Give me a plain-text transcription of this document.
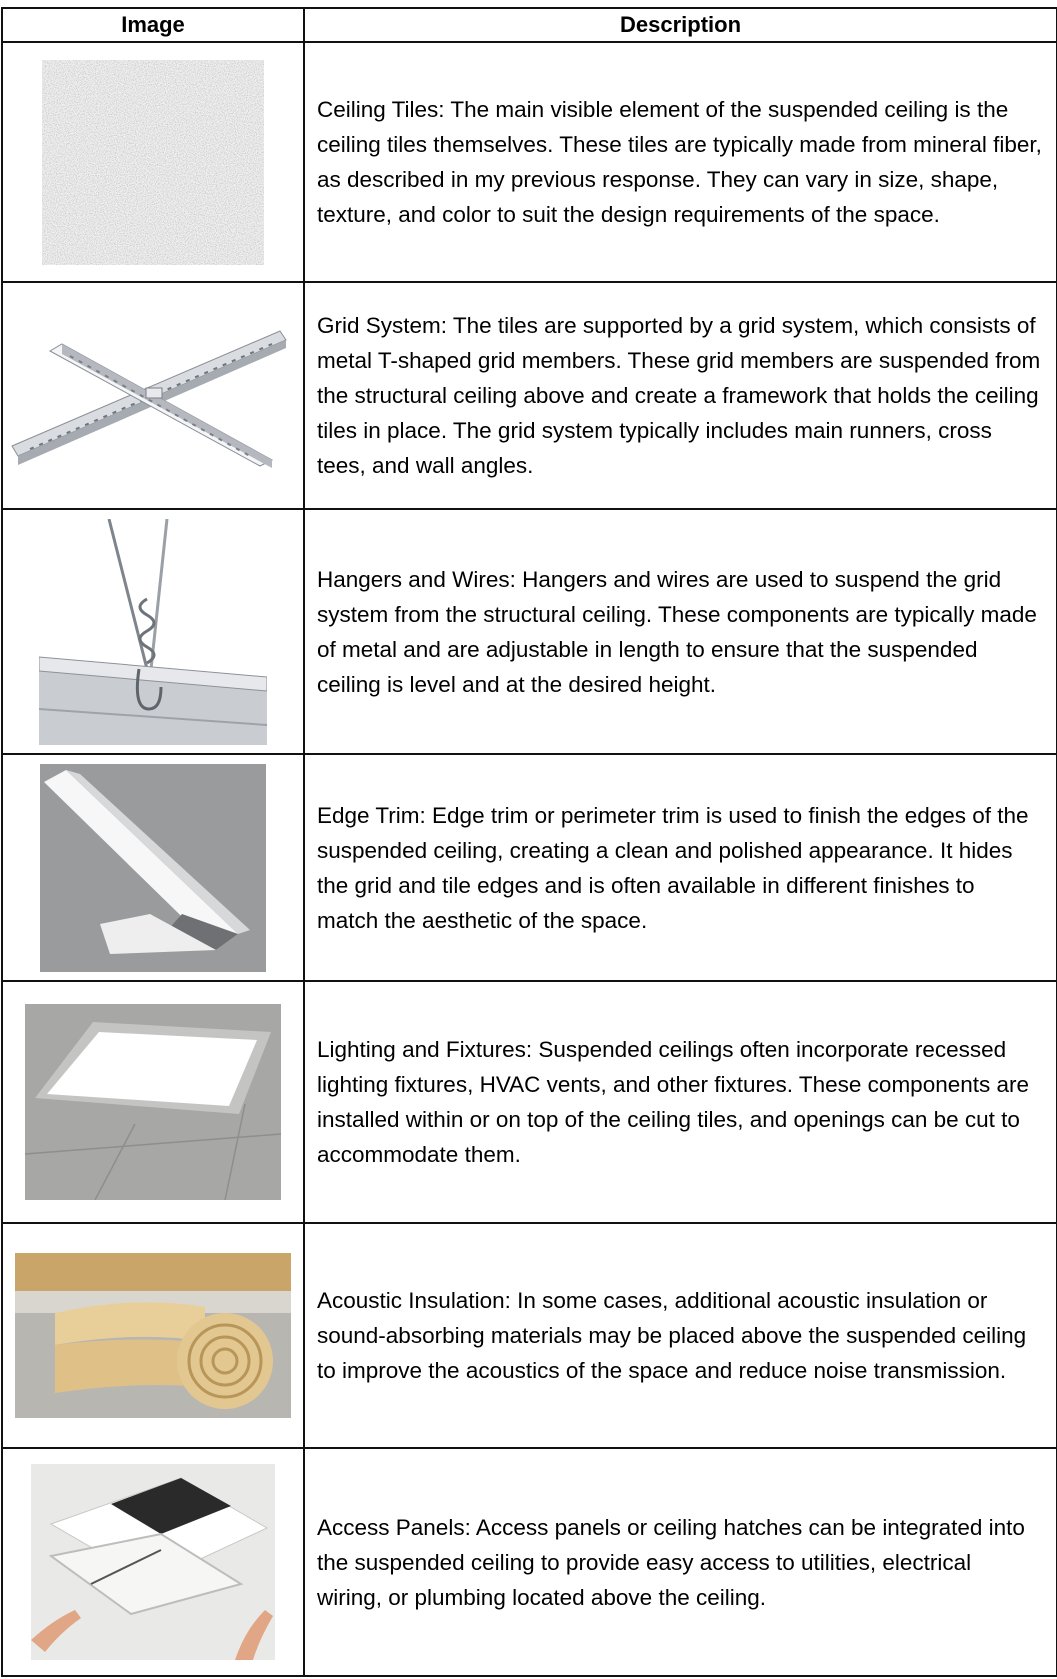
Image	Description

	Ceiling Tiles: The main visible element of the suspended ceiling is the ceiling tiles themselves. These tiles are typically made from mineral fiber, as described in my previous response. They can vary in size, shape, texture, and color to suit the design requirements of the space.

	Grid System: The tiles are supported by a grid system, which consists of metal T-shaped grid members. These grid members are suspended from the structural ceiling above and create a framework that holds the ceiling tiles in place. The grid system typically includes main runners, cross tees, and wall angles.

	Hangers and Wires: Hangers and wires are used to suspend the grid system from the structural ceiling. These components are typically made of metal and are adjustable in length to ensure that the suspended ceiling is level and at the desired height.

	Edge Trim: Edge trim or perimeter trim is used to finish the edges of the suspended ceiling, creating a clean and polished appearance. It hides the grid and tile edges and is often available in different finishes to match the aesthetic of the space.

	Lighting and Fixtures: Suspended ceilings often incorporate recessed lighting fixtures, HVAC vents, and other fixtures. These components are installed within or on top of the ceiling tiles, and openings can be cut to accommodate them.

	Acoustic Insulation: In some cases, additional acoustic insulation or sound-absorbing materials may be placed above the suspended ceiling to improve the acoustics of the space and reduce noise transmission.

	Access Panels: Access panels or ceiling hatches can be integrated into the suspended ceiling to provide easy access to utilities, electrical wiring, or plumbing located above the ceiling.
